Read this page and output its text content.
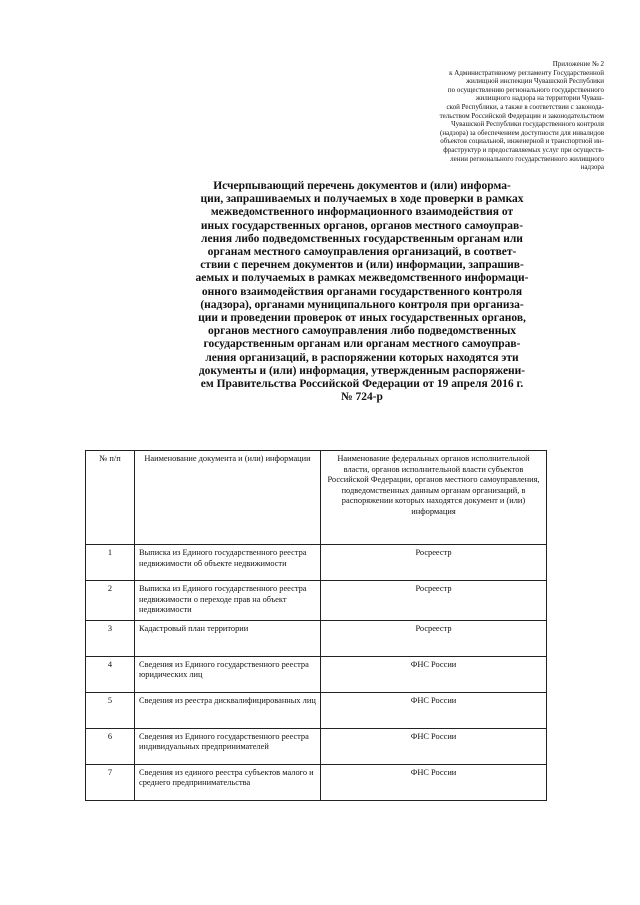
Приложение № 2
к Административному регламенту Государственной
жилищной инспекции Чувашской Республики
по осуществлению регионального государственного
жилищного надзора на территории Чуваш-
ской Республики, а также в соответствии с законода-
тельством Российской Федерации и законодательством
Чувашской Республики государственного контроля
(надзора) за обеспечением доступности для инвалидов
объектов социальной, инженерной и транспортной ин-
фраструктур и предоставляемых услуг при осуществ-
лении регионального государственного жилищного
надзора
Исчерпывающий перечень документов и (или) информа-
ции, запрашиваемых и получаемых в ходе проверки в рамках
межведомственного информационного взаимодействия от
иных государственных органов, органов местного самоуправ-
ления либо подведомственных государственным органам или
органам местного самоуправления организаций, в соответ-
ствии с перечнем документов и (или) информации, запрашив-
аемых и получаемых в рамках межведомственного информаци-
онного взаимодействия органами государственного контроля
(надзора), органами муниципального контроля при организа-
ции и проведении проверок от иных государственных органов,
органов местного самоуправления либо подведомственных
государственным органам или органам местного самоуправ-
ления организаций, в распоряжении которых находятся эти
документы и (или) информация, утвержденным распоряжени-
ем Правительства Российской Федерации от 19 апреля 2016 г.
№ 724-р
№ п/п	Наименование документа и (или) информации	Наименование федеральных органов исполнительной власти, органов исполнительной власти субъектов Российской Федерации, органов местного самоуправления, подведомственных данным органам организаций, в распоряжении которых находятся документ и (или) информация
1	Выписка из Единого государственного реестра недвижимости об объекте недвижимости	Росреестр
2	Выписка из Единого государственного реестра недвижимости о переходе прав на объект недвижимости	Росреестр
3	Кадастровый план территории	Росреестр
4	Сведения из Единого государственного реестра юридических лиц	ФНС России
5	Сведения из реестра дисквалифицированных лиц	ФНС России
6	Сведения из Единого государственного реестра индивидуальных предпринимателей	ФНС России
7	Сведения из единого реестра субъектов малого и среднего предпринимательства	ФНС России
